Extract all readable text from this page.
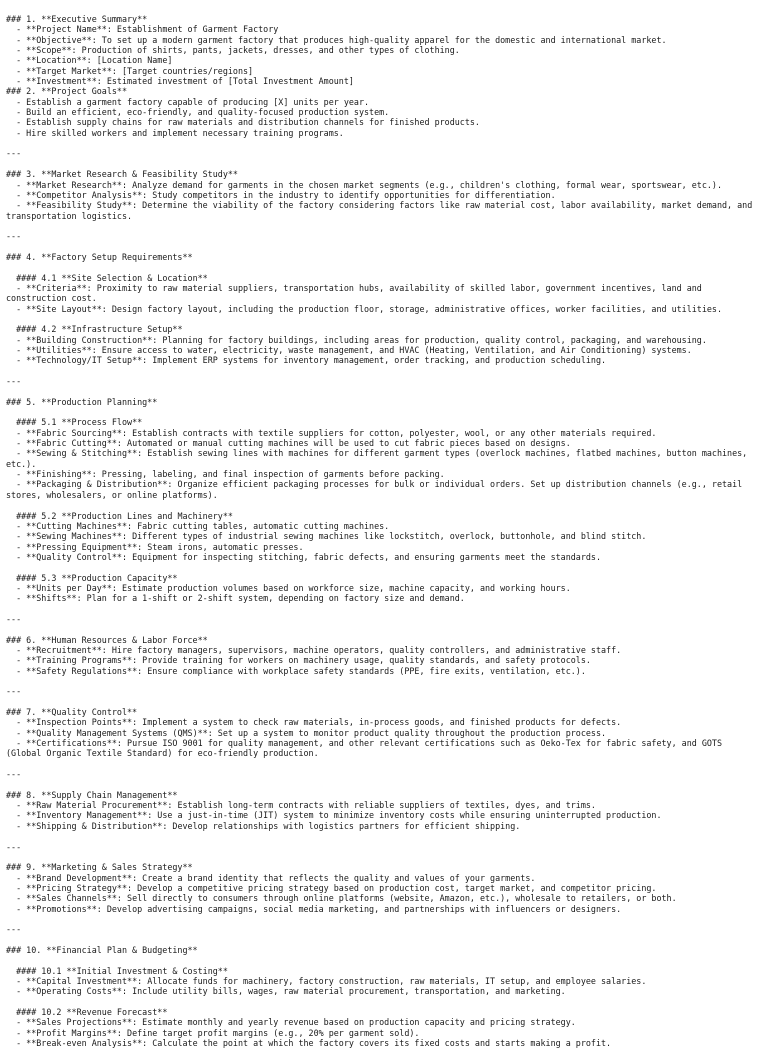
### 1. **Executive Summary**
- **Project Name**: Establishment of Garment Factory
- **Objective**: To set up a modern garment factory that produces high-quality apparel for the domestic and international market.
- **Scope**: Production of shirts, pants, jackets, dresses, and other types of clothing.
- **Location**: [Location Name]
- **Target Market**: [Target countries/regions]
- **Investment**: Estimated investment of [Total Investment Amount]
### 2. **Project Goals**
- Establish a garment factory capable of producing [X] units per year.
- Build an efficient, eco-friendly, and quality-focused production system.
- Establish supply chains for raw materials and distribution channels for finished products.
- Hire skilled workers and implement necessary training programs.
---
### 3. **Market Research & Feasibility Study**
- **Market Research**: Analyze demand for garments in the chosen market segments (e.g., children's clothing, formal wear, sportswear, etc.).
- **Competitor Analysis**: Study competitors in the industry to identify opportunities for differentiation.
- **Feasibility Study**: Determine the viability of the factory considering factors like raw material cost, labor availability, market demand, and transportation logistics.
---
### 4. **Factory Setup Requirements**
#### 4.1 **Site Selection & Location**
- **Criteria**: Proximity to raw material suppliers, transportation hubs, availability of skilled labor, government incentives, land and construction cost.
- **Site Layout**: Design factory layout, including the production floor, storage, administrative offices, worker facilities, and utilities.
#### 4.2 **Infrastructure Setup**
- **Building Construction**: Planning for factory buildings, including areas for production, quality control, packaging, and warehousing.
- **Utilities**: Ensure access to water, electricity, waste management, and HVAC (Heating, Ventilation, and Air Conditioning) systems.
- **Technology/IT Setup**: Implement ERP systems for inventory management, order tracking, and production scheduling.
---
### 5. **Production Planning**
#### 5.1 **Process Flow**
- **Fabric Sourcing**: Establish contracts with textile suppliers for cotton, polyester, wool, or any other materials required.
- **Fabric Cutting**: Automated or manual cutting machines will be used to cut fabric pieces based on designs.
- **Sewing & Stitching**: Establish sewing lines with machines for different garment types (overlock machines, flatbed machines, button machines, etc.).
- **Finishing**: Pressing, labeling, and final inspection of garments before packing.
- **Packaging & Distribution**: Organize efficient packaging processes for bulk or individual orders. Set up distribution channels (e.g., retail stores, wholesalers, or online platforms).
#### 5.2 **Production Lines and Machinery**
- **Cutting Machines**: Fabric cutting tables, automatic cutting machines.
- **Sewing Machines**: Different types of industrial sewing machines like lockstitch, overlock, buttonhole, and blind stitch.
- **Pressing Equipment**: Steam irons, automatic presses.
- **Quality Control**: Equipment for inspecting stitching, fabric defects, and ensuring garments meet the standards.
#### 5.3 **Production Capacity**
- **Units per Day**: Estimate production volumes based on workforce size, machine capacity, and working hours.
- **Shifts**: Plan for a 1-shift or 2-shift system, depending on factory size and demand.
---
### 6. **Human Resources & Labor Force**
- **Recruitment**: Hire factory managers, supervisors, machine operators, quality controllers, and administrative staff.
- **Training Programs**: Provide training for workers on machinery usage, quality standards, and safety protocols.
- **Safety Regulations**: Ensure compliance with workplace safety standards (PPE, fire exits, ventilation, etc.).
---
### 7. **Quality Control**
- **Inspection Points**: Implement a system to check raw materials, in-process goods, and finished products for defects.
- **Quality Management Systems (QMS)**: Set up a system to monitor product quality throughout the production process.
- **Certifications**: Pursue ISO 9001 for quality management, and other relevant certifications such as Oeko-Tex for fabric safety, and GOTS (Global Organic Textile Standard) for eco-friendly production.
---
### 8. **Supply Chain Management**
- **Raw Material Procurement**: Establish long-term contracts with reliable suppliers of textiles, dyes, and trims.
- **Inventory Management**: Use a just-in-time (JIT) system to minimize inventory costs while ensuring uninterrupted production.
- **Shipping & Distribution**: Develop relationships with logistics partners for efficient shipping.
---
### 9. **Marketing & Sales Strategy**
- **Brand Development**: Create a brand identity that reflects the quality and values of your garments.
- **Pricing Strategy**: Develop a competitive pricing strategy based on production cost, target market, and competitor pricing.
- **Sales Channels**: Sell directly to consumers through online platforms (website, Amazon, etc.), wholesale to retailers, or both.
- **Promotions**: Develop advertising campaigns, social media marketing, and partnerships with influencers or designers.
---
### 10. **Financial Plan & Budgeting**
#### 10.1 **Initial Investment & Costing**
- **Capital Investment**: Allocate funds for machinery, factory construction, raw materials, IT setup, and employee salaries.
- **Operating Costs**: Include utility bills, wages, raw material procurement, transportation, and marketing.
#### 10.2 **Revenue Forecast**
- **Sales Projections**: Estimate monthly and yearly revenue based on production capacity and pricing strategy.
- **Profit Margins**: Define target profit margins (e.g., 20% per garment sold).
- **Break-even Analysis**: Calculate the point at which the factory covers its fixed costs and starts making a profit.
